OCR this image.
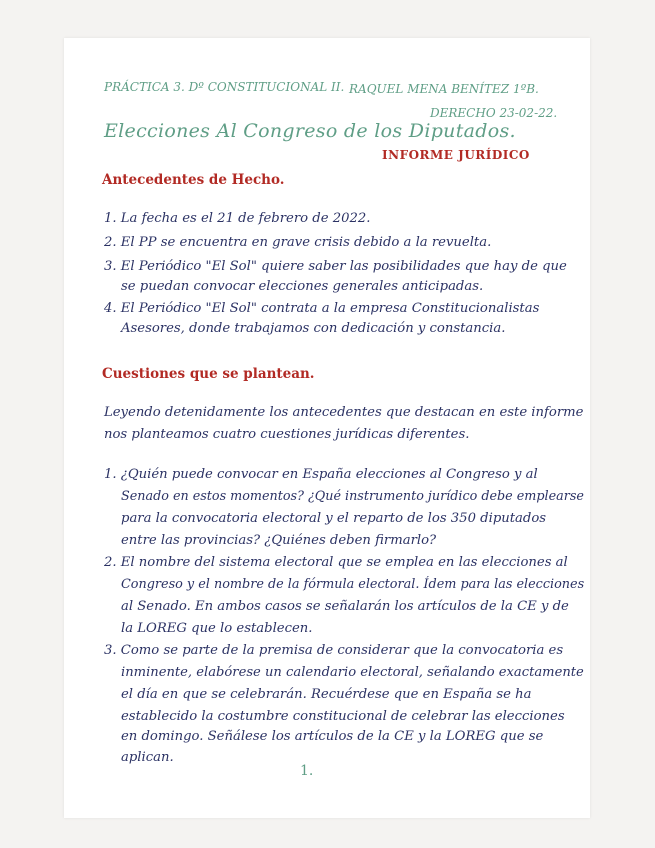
PRÁCTICA 3. Dº CONSTITUCIONAL II. RAQUEL MENA BENÍTEZ 1ºB.
DERECHO 23-02-22.
Elecciones Al Congreso de los Diputados.
INFORME JURÍDICO
Antecedentes de Hecho.
1. La fecha es el 21 de febrero de 2022.
2. El PP se encuentra en grave crisis debido a la revuelta.
3. El Periódico "El Sol" quiere saber las posibilidades que hay de que
se puedan convocar elecciones generales anticipadas.
4. El Periódico "El Sol" contrata a la empresa Constitucionalistas
Asesores, donde trabajamos con dedicación y constancia.
Cuestiones que se plantean.
Leyendo detenidamente los antecedentes que destacan en este informe
nos planteamos cuatro cuestiones jurídicas diferentes.
1. ¿Quién puede convocar en España elecciones al Congreso y al
Senado en estos momentos? ¿Qué instrumento jurídico debe emplearse
para la convocatoria electoral y el reparto de los 350 diputados
entre las provincias? ¿Quiénes deben firmarlo?
2. El nombre del sistema electoral que se emplea en las elecciones al
Congreso y el nombre de la fórmula electoral. Ídem para las elecciones
al Senado. En ambos casos se señalarán los artículos de la CE y de
la LOREG que lo establecen.
3. Como se parte de la premisa de considerar que la convocatoria es
inminente, elabórese un calendario electoral, señalando exactamente
el día en que se celebrarán. Recuérdese que en España se ha
establecido la costumbre constitucional de celebrar las elecciones
en domingo. Señálese los artículos de la CE y la LOREG que se
aplican.
1.
